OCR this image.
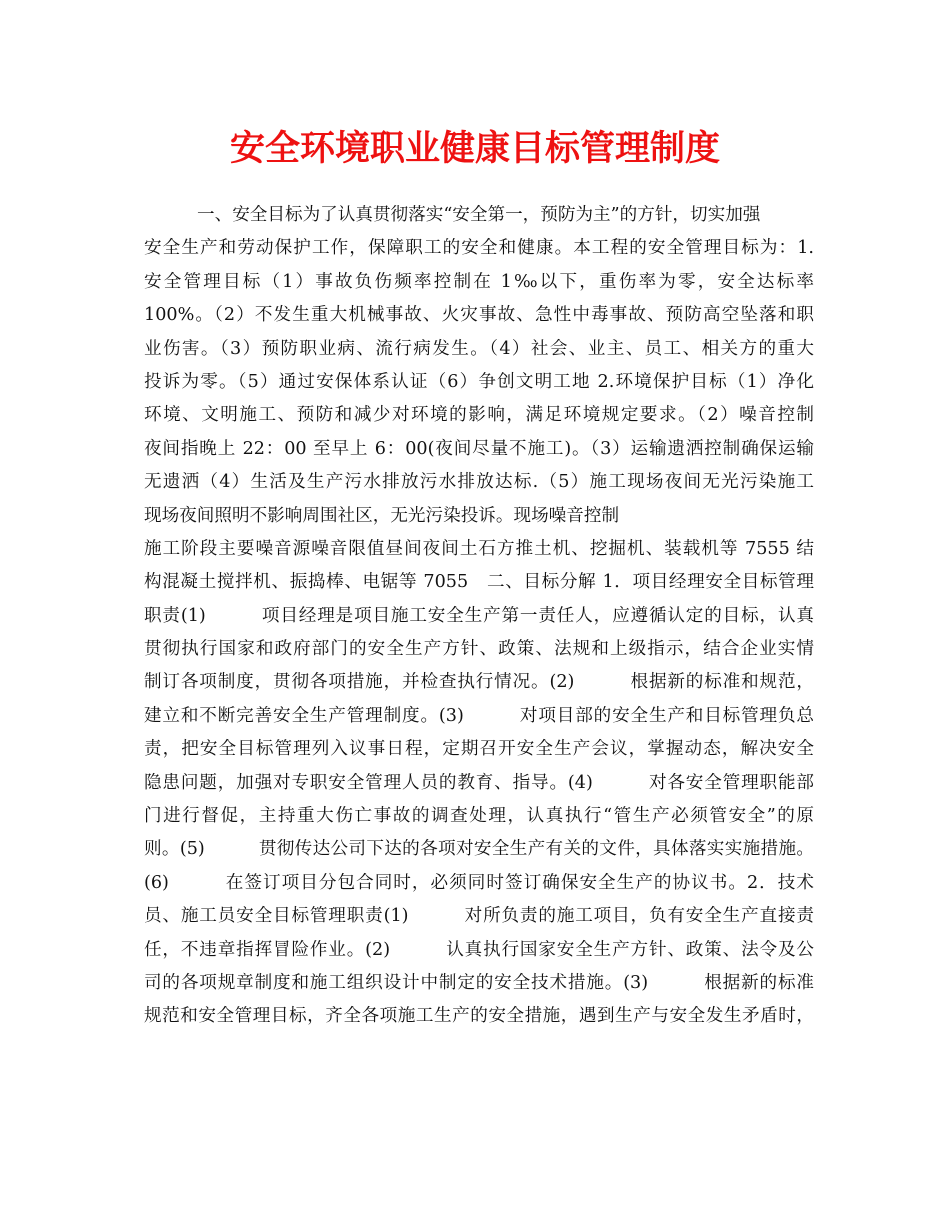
安全环境职业健康目标管理制度
一、安全目标为了认真贯彻落实“安全第一，预防为主”的方针，切实加强
安全生产和劳动保护工作，保障职工的安全和健康。本工程的安全管理目标为：1.
安全管理目标（1）事故负伤频率控制在 1‰以下，重伤率为零，安全达标率
100%。（2）不发生重大机械事故、火灾事故、急性中毒事故、预防高空坠落和职
业伤害。（3）预防职业病、流行病发生。（4）社会、业主、员工、相关方的重大
投诉为零。（5）通过安保体系认证（6）争创文明工地 2.环境保护目标（1）净化
环境、文明施工、预防和减少对环境的影响，满足环境规定要求。（2）噪音控制
夜间指晚上 22：00 至早上 6：00(夜间尽量不施工)。（3）运输遗洒控制确保运输
无遗洒（4）生活及生产污水排放污水排放达标.（5）施工现场夜间无光污染施工
现场夜间照明不影响周围社区，无光污染投诉。现场噪音控制
施工阶段主要噪音源噪音限值昼间夜间土石方推土机、挖掘机、装载机等 7555 结
构混凝土搅拌机、振捣棒、电锯等 7055　二、目标分解 1．项目经理安全目标管理
职责(1)　　　项目经理是项目施工安全生产第一责任人，应遵循认定的目标，认真
贯彻执行国家和政府部门的安全生产方针、政策、法规和上级指示，结合企业实情
制订各项制度，贯彻各项措施，并检查执行情况。(2)　　　根据新的标准和规范，
建立和不断完善安全生产管理制度。(3)　　　对项目部的安全生产和目标管理负总
责，把安全目标管理列入议事日程，定期召开安全生产会议，掌握动态，解决安全
隐患问题，加强对专职安全管理人员的教育、指导。(4)　　　对各安全管理职能部
门进行督促，主持重大伤亡事故的调查处理，认真执行“管生产必须管安全”的原
则。(5)　　　贯彻传达公司下达的各项对安全生产有关的文件，具体落实实施措施。
(6)　　　在签订项目分包合同时，必须同时签订确保安全生产的协议书。2．技术
员、施工员安全目标管理职责(1)　　　对所负责的施工项目，负有安全生产直接责
任，不违章指挥冒险作业。(2)　　　认真执行国家安全生产方针、政策、法令及公
司的各项规章制度和施工组织设计中制定的安全技术措施。(3)　　　根据新的标准
规范和安全管理目标，齐全各项施工生产的安全措施，遇到生产与安全发生矛盾时，
